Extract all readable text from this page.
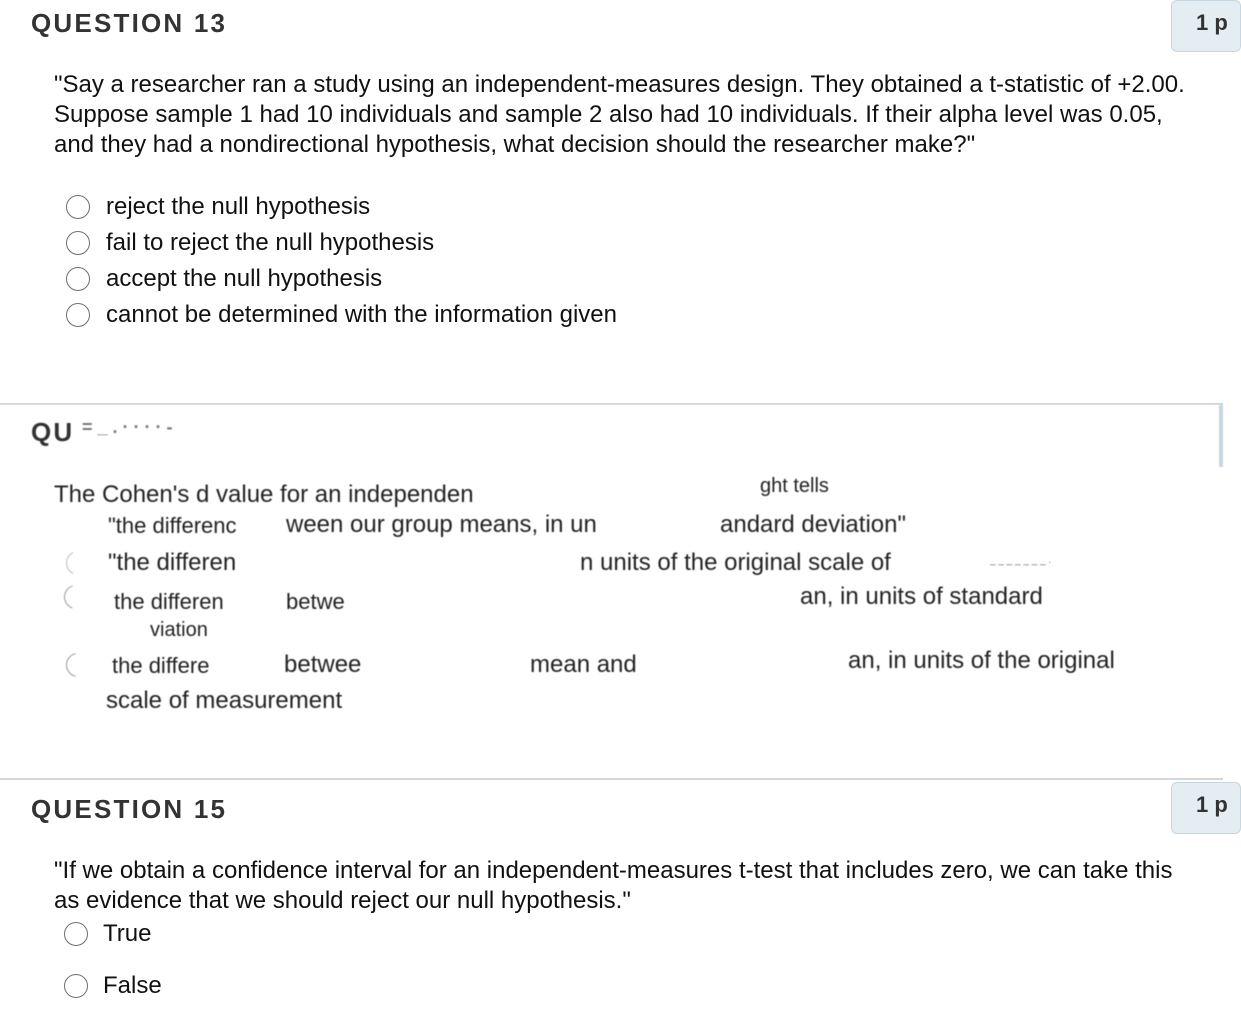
QUESTION 13	1 p
"Say a researcher ran a study using an independent-measures design. They obtained a t-statistic of +2.00. Suppose sample 1 had 10 individuals and sample 2 also had 10 individuals. If their alpha level was 0.05, and they had a nondirectional hypothesis, what decision should the researcher make?"
reject the null hypothesis
fail to reject the null hypothesis
accept the null hypothesis
cannot be determined with the information given
QU = _ . · · · · -
The Cohen's d value for an independen	ght tells
"the differenc	ween our group means, in un	andard deviation"
"the differen	n units of the original scale of	_ _ _ _ _ _ _ .
the differen	betwe	an, in units of standard
viation
the differe	betwee	mean and	an, in units of the original
scale of measurement
QUESTION 15	1 p
"If we obtain a confidence interval for an independent-measures t-test that includes zero, we can take this as evidence that we should reject our null hypothesis."
True
False
